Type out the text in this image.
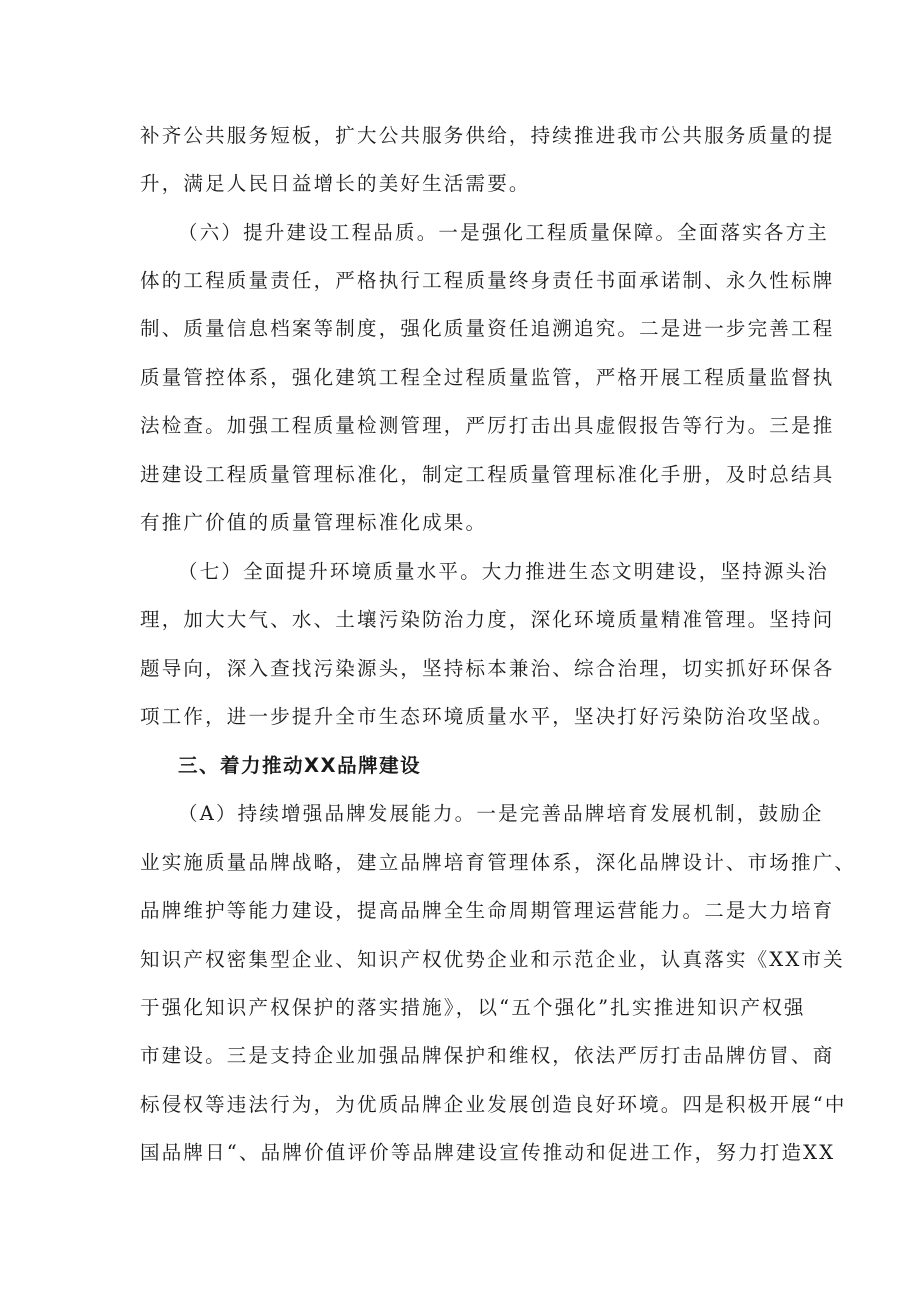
补齐公共服务短板，扩大公共服务供给，持续推进我市公共服务质量的提
升，满足人民日益增长的美好生活需要。
（六）提升建设工程品质。一是强化工程质量保障。全面落实各方主
体的工程质量责任，严格执行工程质量终身责任书面承诺制、永久性标牌
制、质量信息档案等制度，强化质量资任追溯追究。二是进一步完善工程
质量管控体系，强化建筑工程全过程质量监管，严格开展工程质量监督执
法检查。加强工程质量检测管理，严厉打击出具虚假报告等行为。三是推
进建设工程质量管理标准化，制定工程质量管理标准化手册，及时总结具
有推广价值的质量管理标准化成果。
（七）全面提升环境质量水平。大力推进生态文明建设，坚持源头治
理，加大大气、水、土壤污染防治力度，深化环境质量精准管理。坚持问
题导向，深入查找污染源头，坚持标本兼治、综合治理，切实抓好环保各
项工作，进一步提升全市生态环境质量水平，坚决打好污染防治攻坚战。
三、着力推动XX品牌建设
（A）持续增强品牌发展能力。一是完善品牌培育发展机制，鼓励企
业实施质量品牌战略，建立品牌培育管理体系，深化品牌设计、市场推广、
品牌维护等能力建设，提高品牌全生命周期管理运营能力。二是大力培育
知识产权密集型企业、知识产权优势企业和示范企业，认真落实《XX市关
于强化知识产权保护的落实措施》，以“五个强化”扎实推进知识产权强
市建设。三是支持企业加强品牌保护和维权，依法严厉打击品牌仿冒、商
标侵权等违法行为，为优质品牌企业发展创造良好环境。四是积极开展“中
国品牌日“、品牌价值评价等品牌建设宣传推动和促进工作，努力打造XX
